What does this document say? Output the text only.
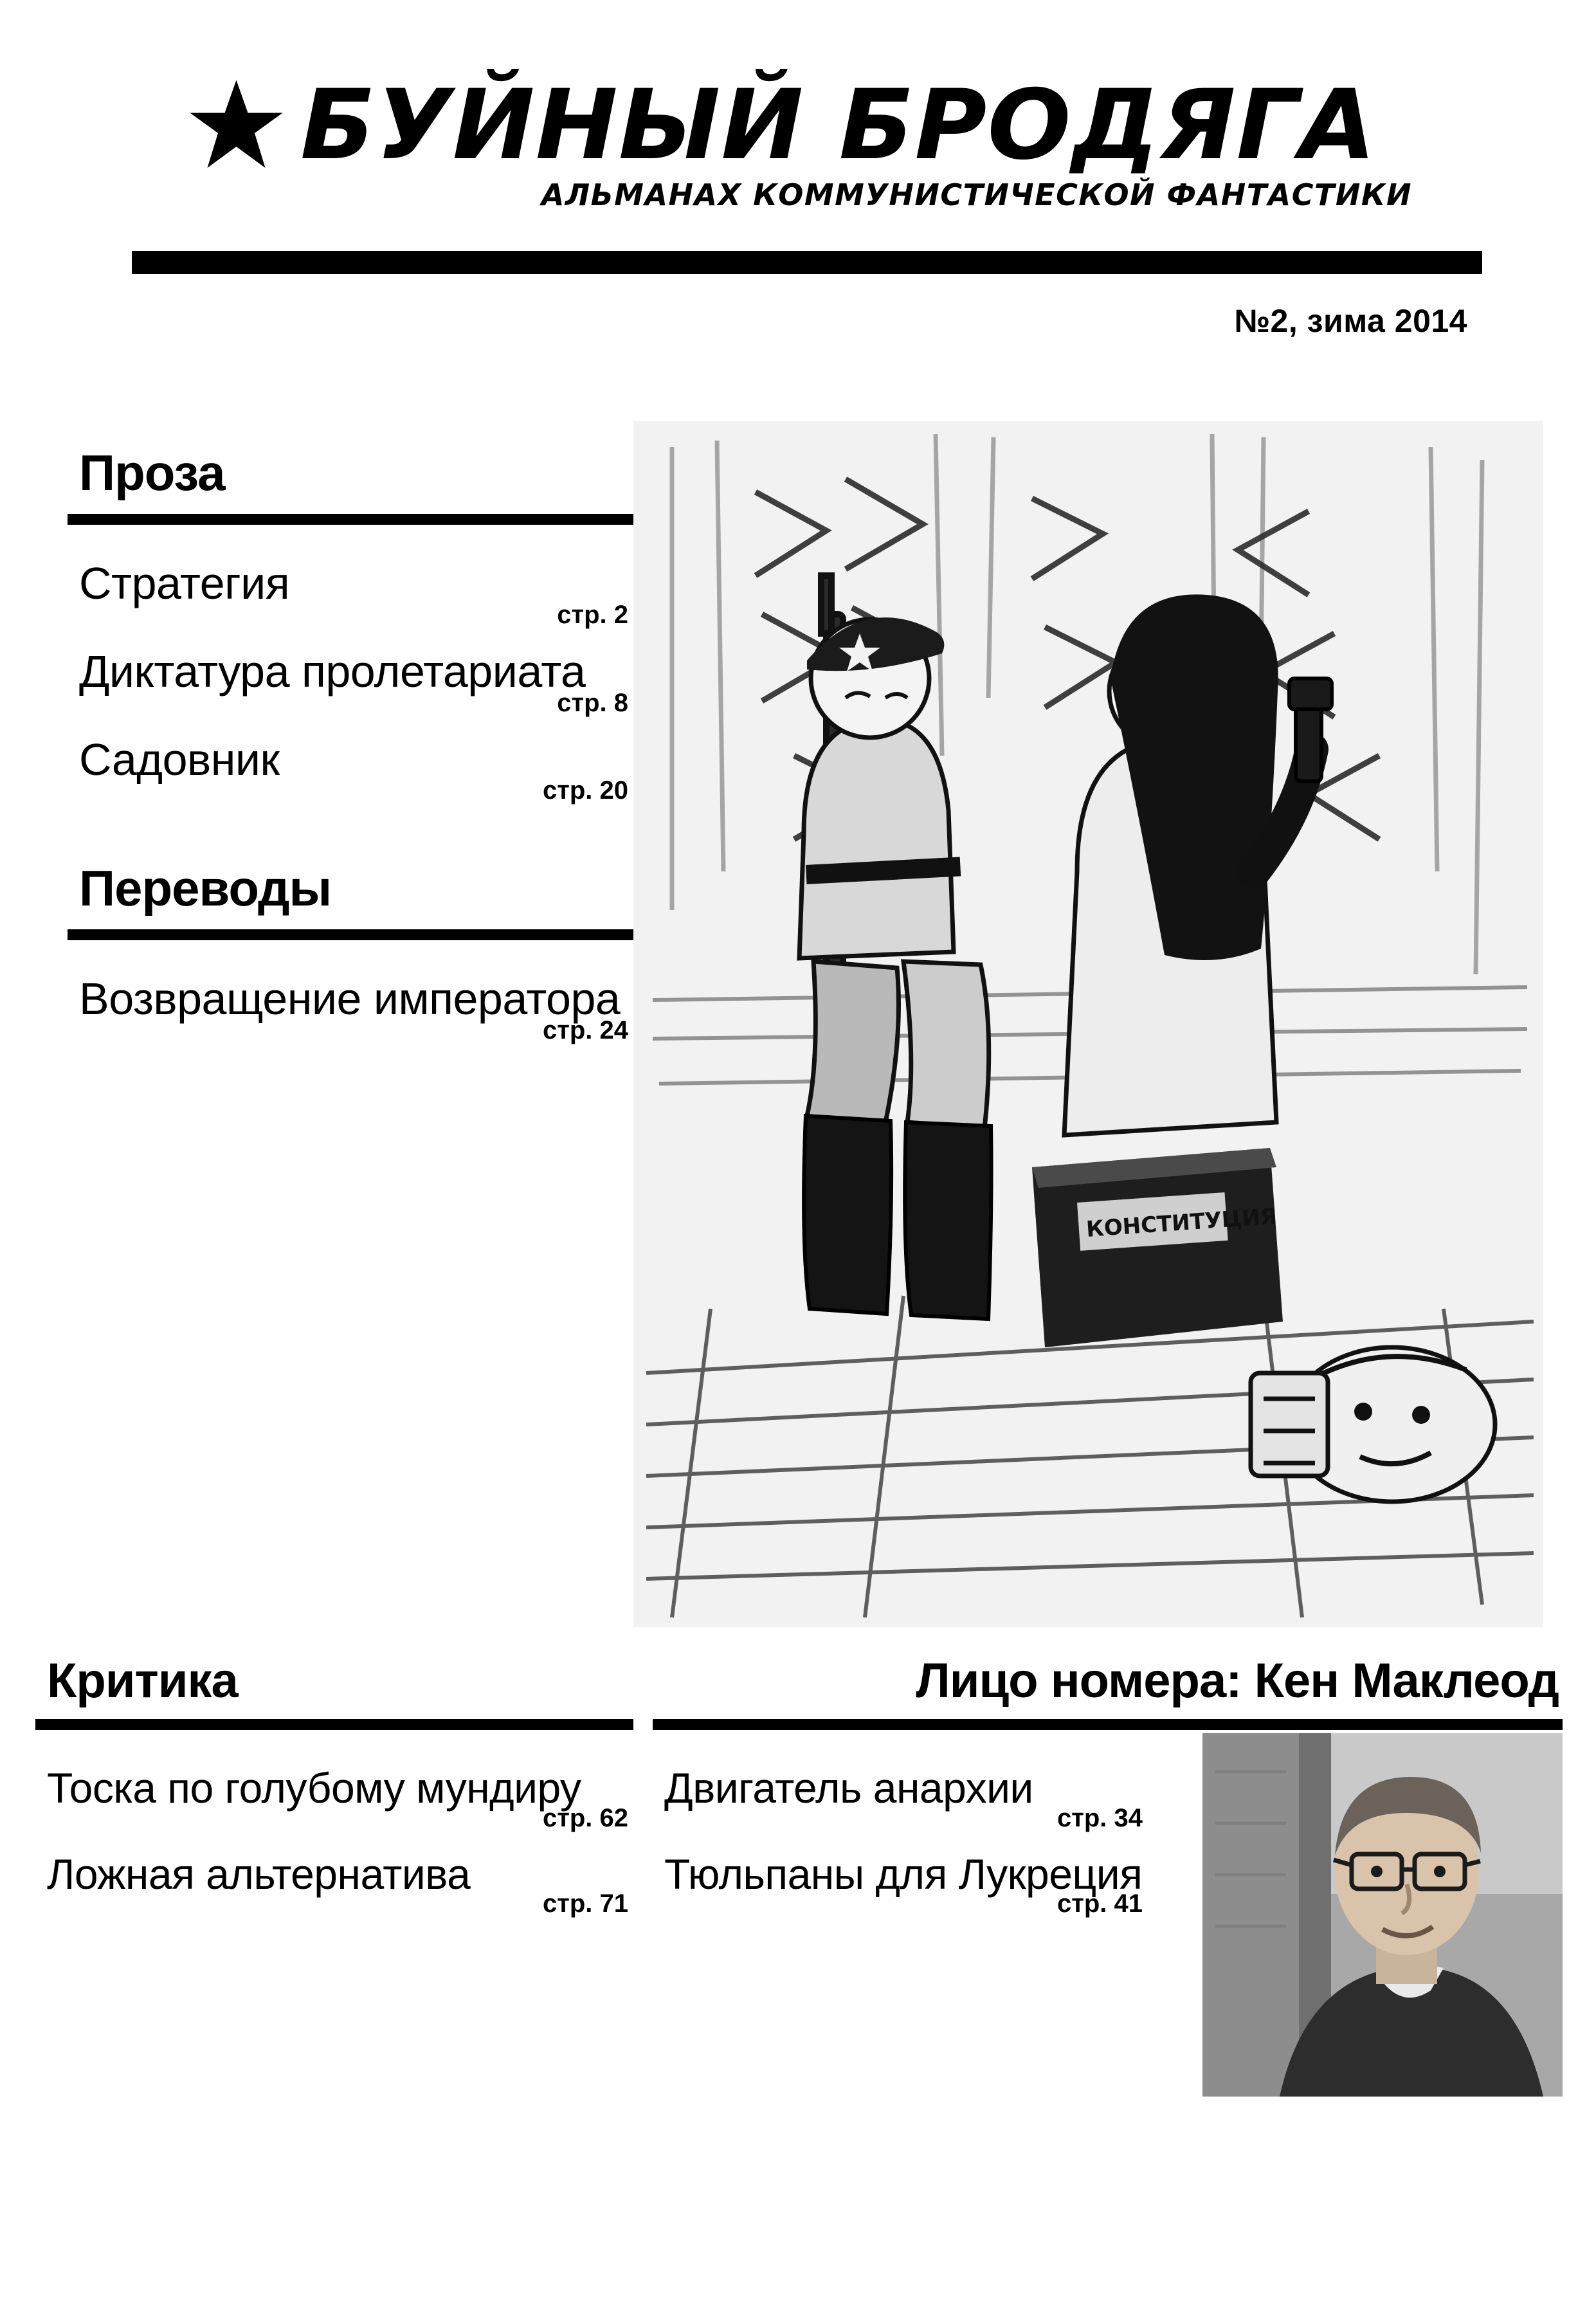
БУЙНЫЙ БРОДЯГА
АЛЬМАНАХ КОММУНИСТИЧЕСКОЙ ФАНТАСТИКИ
№2, зима 2014
Проза
Стратегия
стр. 2
Диктатура пролетариата
стр. 8
Садовник
стр. 20
Переводы
Возвращение императора
стр. 24
КОНСТИТУЦИЯ
Критика
Тоска по голубому мундиру
стр. 62
Ложная альтернатива
стр. 71
Лицо номера: Кен Маклеод
Двигатель анархии
стр. 34
Тюльпаны для Лукреция
стр. 41
